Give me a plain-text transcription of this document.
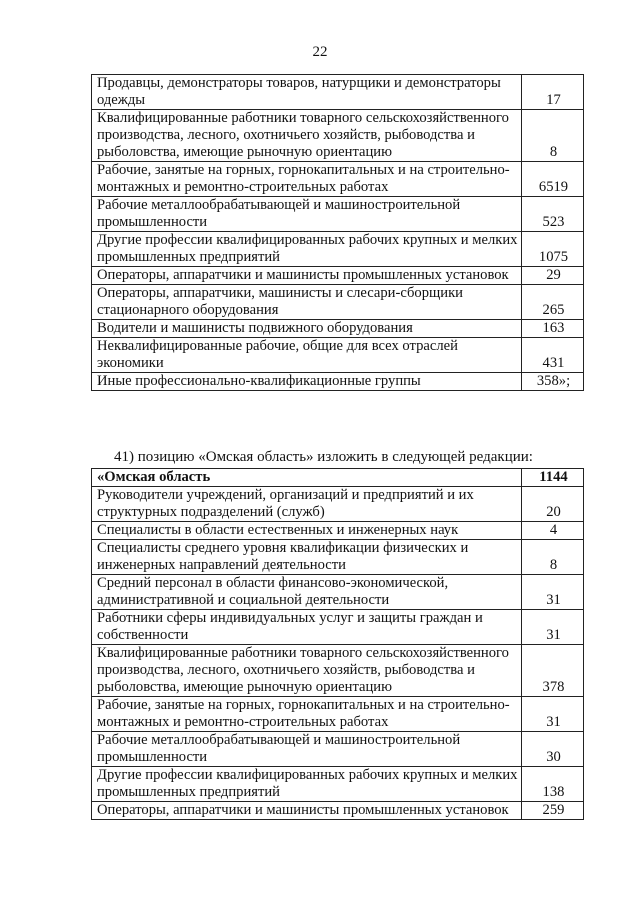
22
Продавцы, демонстраторы товаров, натурщики и демонстраторы одежды	17
Квалифицированные работники товарного сельскохозяйственного производства, лесного, охотничьего хозяйств, рыбоводства и рыболовства, имеющие рыночную ориентацию	8
Рабочие, занятые на горных, горнокапитальных и на строительно-монтажных и ремонтно-строительных работах	6519
Рабочие металлообрабатывающей и машиностроительной промышленности	523
Другие профессии квалифицированных рабочих крупных и мелких промышленных предприятий	1075
Операторы, аппаратчики и машинисты промышленных установок	29
Операторы, аппаратчики, машинисты и слесари-сборщики стационарного оборудования	265
Водители и машинисты подвижного оборудования	163
Неквалифицированные рабочие, общие для всех отраслей экономики	431
Иные профессионально-квалификационные группы	358»;
41) позицию «Омская область» изложить в следующей редакции:
«Омская область	1144
Руководители учреждений, организаций и предприятий и их структурных подразделений (служб)	20
Специалисты в области естественных и инженерных наук	4
Специалисты среднего уровня квалификации физических и инженерных направлений деятельности	8
Средний персонал в области финансово-экономической, административной и социальной деятельности	31
Работники сферы индивидуальных услуг и защиты граждан и собственности	31
Квалифицированные работники товарного сельскохозяйственного производства, лесного, охотничьего хозяйств, рыбоводства и рыболовства, имеющие рыночную ориентацию	378
Рабочие, занятые на горных, горнокапитальных и на строительно-монтажных и ремонтно-строительных работах	31
Рабочие металлообрабатывающей и машиностроительной промышленности	30
Другие профессии квалифицированных рабочих крупных и мелких промышленных предприятий	138
Операторы, аппаратчики и машинисты промышленных установок	259
